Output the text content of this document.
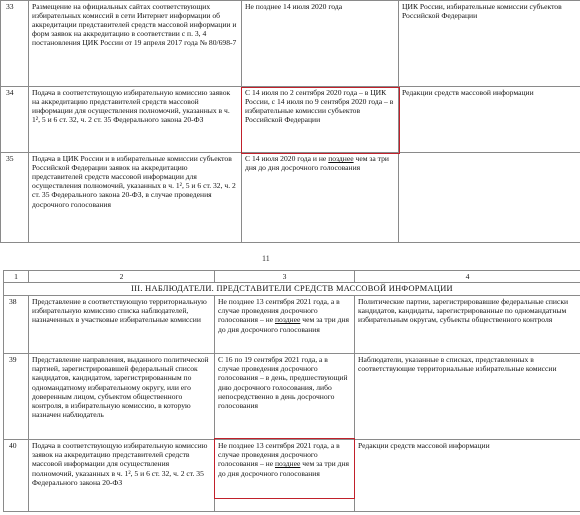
33	Размещение на официальных сайтах соответствующих избирательных комиссий в сети Интернет информации об аккредитации представителей средств массовой информации и форм заявок на аккредитацию в соответствии с п. 3, 4 постановления ЦИК России от 19 апреля 2017 года № 80/698-7	Не позднее 14 июля 2020 года	ЦИК России, избирательные комиссии субъектов Российской Федерации
34	Подача в соответствующую избирательную комиссию заявок на аккредитацию представителей средств массовой информации для осуществления полномочий, указанных в ч. 1², 5 и 6 ст. 32, ч. 2 ст. 35 Федерального закона 20-ФЗ	С 14 июля по 2 сентября 2020 года – в ЦИК России, с 14 июля по 9 сентября 2020 года – в избирательные комиссии субъектов Российской Федерации	Редакции средств массовой информации
35	Подача в ЦИК России и в избирательные комиссии субъектов Российской Федерации заявок на аккредитацию представителей средств массовой информации для осуществления полномочий, указанных в ч. 1², 5 и 6 ст. 32, ч. 2 ст. 35 Федерального закона 20-ФЗ, в случае проведения досрочного голосования	С 14 июля 2020 года и не позднее чем за три дня до дня досрочного голосования	
11
1	2	3	4
III. НАБЛЮДАТЕЛИ. ПРЕДСТАВИТЕЛИ СРЕДСТВ МАССОВОЙ ИНФОРМАЦИИ			
38	Представление в соответствующую территориальную избирательную комиссию списка наблюдателей, назначенных в участковые избирательные комиссии	Не позднее 13 сентября 2021 года, а в случае проведения досрочного голосования – не позднее чем за три дня до дня досрочного голосования	Политические партии, зарегистрировавшие федеральные списки кандидатов, кандидаты, зарегистрированные по одномандатным избирательным округам, субъекты общественного контроля
39	Представление направления, выданного политической партией, зарегистрировавшей федеральный список кандидатов, кандидатом, зарегистрированным по одномандатному избирательному округу, или его доверенным лицом, субъектом общественного контроля, в избирательную комиссию, в которую назначен наблюдатель	С 16 по 19 сентября 2021 года, а в случае проведения досрочного голосования – в день, предшествующий дню досрочного голосования, либо непосредственно в день досрочного голосования	Наблюдатели, указанные в списках, представленных в соответствующие территориальные избирательные комиссии
40	Подача в соответствующую избирательную комиссию заявок на аккредитацию представителей средств массовой информации для осуществления полномочий, указанных в ч. 1², 5 и 6 ст. 32, ч. 2 ст. 35 Федерального закона 20-ФЗ	Не позднее 13 сентября 2021 года, а в случае проведения досрочного голосования – не позднее чем за три дня до дня досрочного голосования	Редакции средств массовой информации
